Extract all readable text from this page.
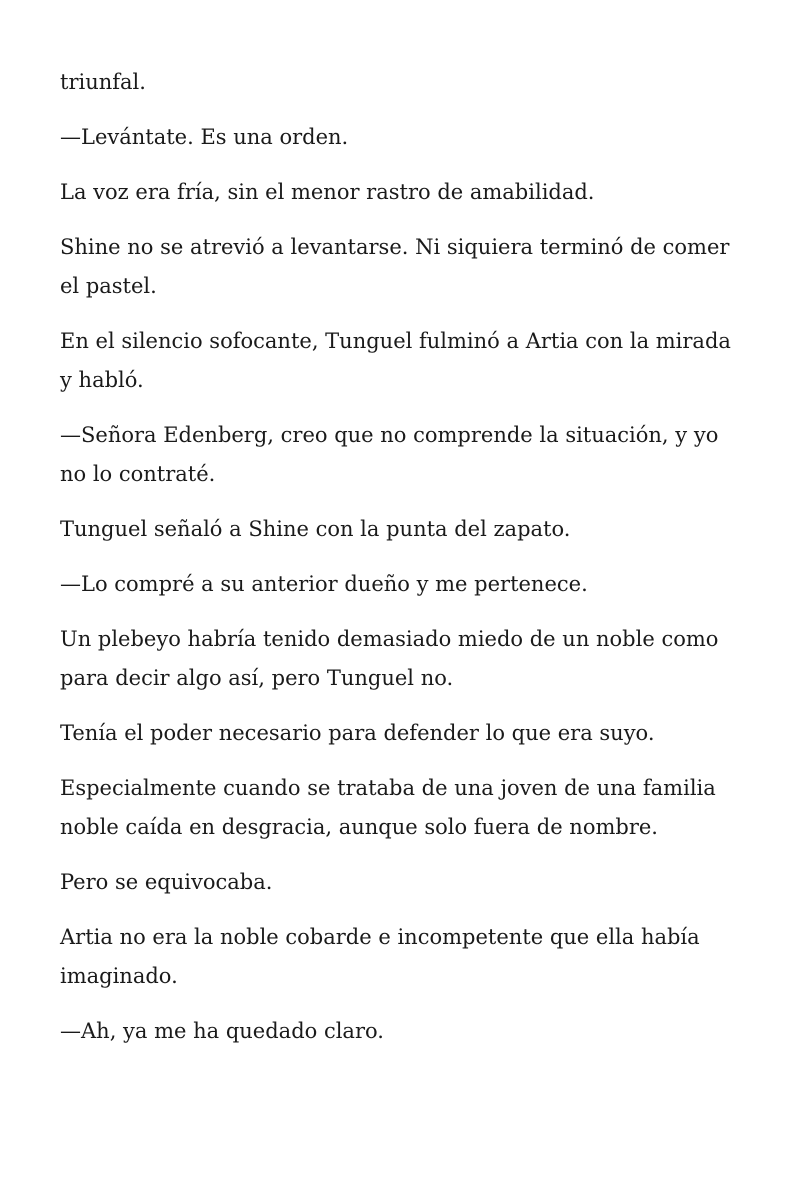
triunfal.

—Levántate. Es una orden.

La voz era fría, sin el menor rastro de amabilidad.

Shine no se atrevió a levantarse. Ni siquiera terminó de comer el pastel.

En el silencio sofocante, Tunguel fulminó a Artia con la mirada y habló.

—Señora Edenberg, creo que no comprende la situación, y yo no lo contraté.

Tunguel señaló a Shine con la punta del zapato.

—Lo compré a su anterior dueño y me pertenece.

Un plebeyo habría tenido demasiado miedo de un noble como para decir algo así, pero Tunguel no.

Tenía el poder necesario para defender lo que era suyo.

Especialmente cuando se trataba de una joven de una familia noble caída en desgracia, aunque solo fuera de nombre.

Pero se equivocaba.

Artia no era la noble cobarde e incompetente que ella había imaginado.

—Ah, ya me ha quedado claro.
